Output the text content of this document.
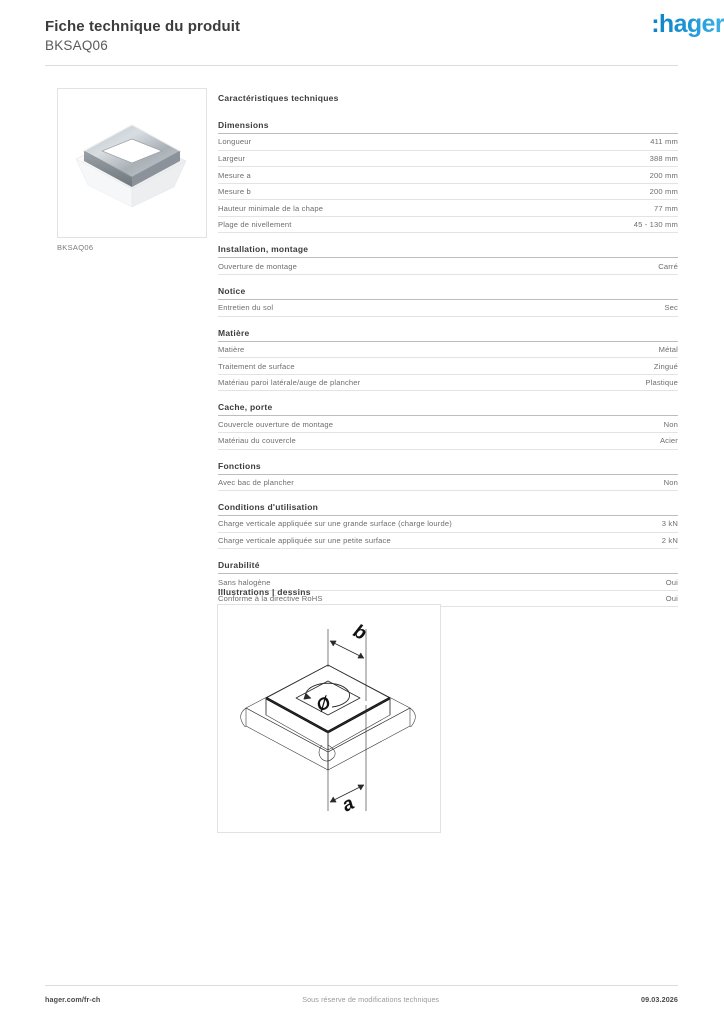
Fiche technique du produit
BKSAQ06
:hager
BKSAQ06
Caractéristiques techniques
Dimensions
Longueur	411 mm
Largeur	388 mm
Mesure a	200 mm
Mesure b	200 mm
Hauteur minimale de la chape	77 mm
Plage de nivellement	45 - 130 mm
Installation, montage
Ouverture de montage	Carré
Notice
Entretien du sol	Sec
Matière
Matière	Métal
Traitement de surface	Zingué
Matériau paroi latérale/auge de plancher	Plastique
Cache, porte
Couvercle ouverture de montage	Non
Matériau du couvercle	Acier
Fonctions
Avec bac de plancher	Non
Conditions d'utilisation
Charge verticale appliquée sur une grande surface (charge lourde)	3 kN
Charge verticale appliquée sur une petite surface	2 kN
Durabilité
Sans halogène	Oui
Conforme à la directive RoHS	Oui
Illustrations | dessins
b
a
Ø
hager.com/fr-ch	Sous réserve de modifications techniques	09.03.2026
